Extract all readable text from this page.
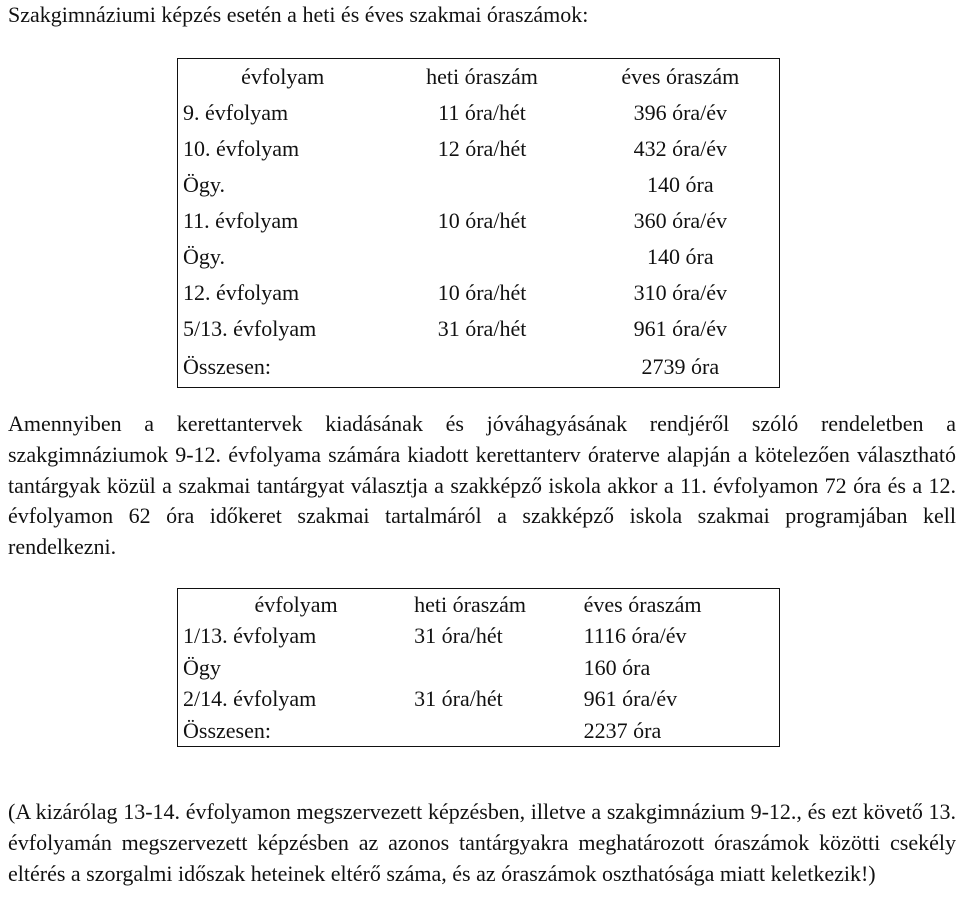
Szakgimnáziumi képzés esetén a heti és éves szakmai óraszámok:
évfolyam	heti óraszám	éves óraszám
9. évfolyam	11 óra/hét	396 óra/év
10. évfolyam	12 óra/hét	432 óra/év
Ögy.		140 óra
11. évfolyam	10 óra/hét	360 óra/év
Ögy.		140 óra
12. évfolyam	10 óra/hét	310 óra/év
5/13. évfolyam	31 óra/hét	961 óra/év
Összesen:		2739 óra
Amennyiben a kerettantervek kiadásának és jóváhagyásának rendjéről szóló rendeletben a szakgimnáziumok 9-12. évfolyama számára kiadott kerettanterv óraterve alapján a kötelezően választható tantárgyak közül a szakmai tantárgyat választja a szakképző iskola akkor a 11. évfolyamon 72 óra és a 12. évfolyamon 62 óra időkeret szakmai tartalmáról a szakképző iskola szakmai programjában kell rendelkezni.
évfolyam	heti óraszám	éves óraszám
1/13. évfolyam	31 óra/hét	1116 óra/év
Ögy		160 óra
2/14. évfolyam	31 óra/hét	961 óra/év
Összesen:		2237 óra
(A kizárólag 13-14. évfolyamon megszervezett képzésben, illetve a szakgimnázium 9-12., és ezt követő 13. évfolyamán megszervezett képzésben az azonos tantárgyakra meghatározott óraszámok közötti csekély eltérés a szorgalmi időszak heteinek eltérő száma, és az óraszámok oszthatósága miatt keletkezik!)
